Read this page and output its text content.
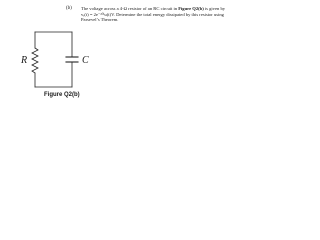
(b) The voltage across a 4-Ω resistor of an RC circuit in Figure Q2(b) is given by
vᵣ(t) = 2e⁻²⁰ᵗu(t)V. Determine the total energy dissipated by this resistor using
Parsevel’s Theorem.
R	C
Figure Q2(b)
